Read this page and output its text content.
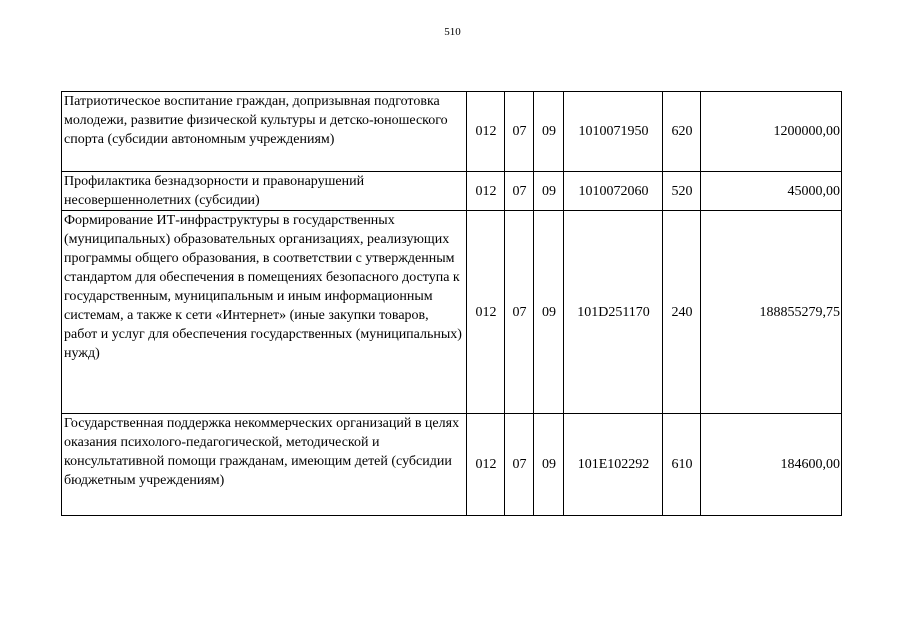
510
Патриотическое воспитание граждан, допризывная подготовка молодежи, развитие физической культуры и детско-юношеского спорта (субсидии автономным учреждениям)	012	07	09	1010071950	620	1200000,00
Профилактика безнадзорности и правонарушений несовершеннолетних (субсидии)	012	07	09	1010072060	520	45000,00
Формирование ИТ-инфраструктуры в государственных (муниципальных) образовательных организациях, реализующих программы общего образования, в соответствии с утвержденным стандартом для обеспечения в помещениях безопасного доступа к государственным, муниципальным и иным информационным системам, а также к сети «Интернет» (иные закупки товаров, работ и услуг для обеспечения государственных (муниципальных) нужд)	012	07	09	101D251170	240	188855279,75
Государственная поддержка некоммерческих организаций в целях оказания психолого-педагогической, методической и консультативной помощи гражданам, имеющим детей (субсидии бюджетным учреждениям)	012	07	09	101E102292	610	184600,00
